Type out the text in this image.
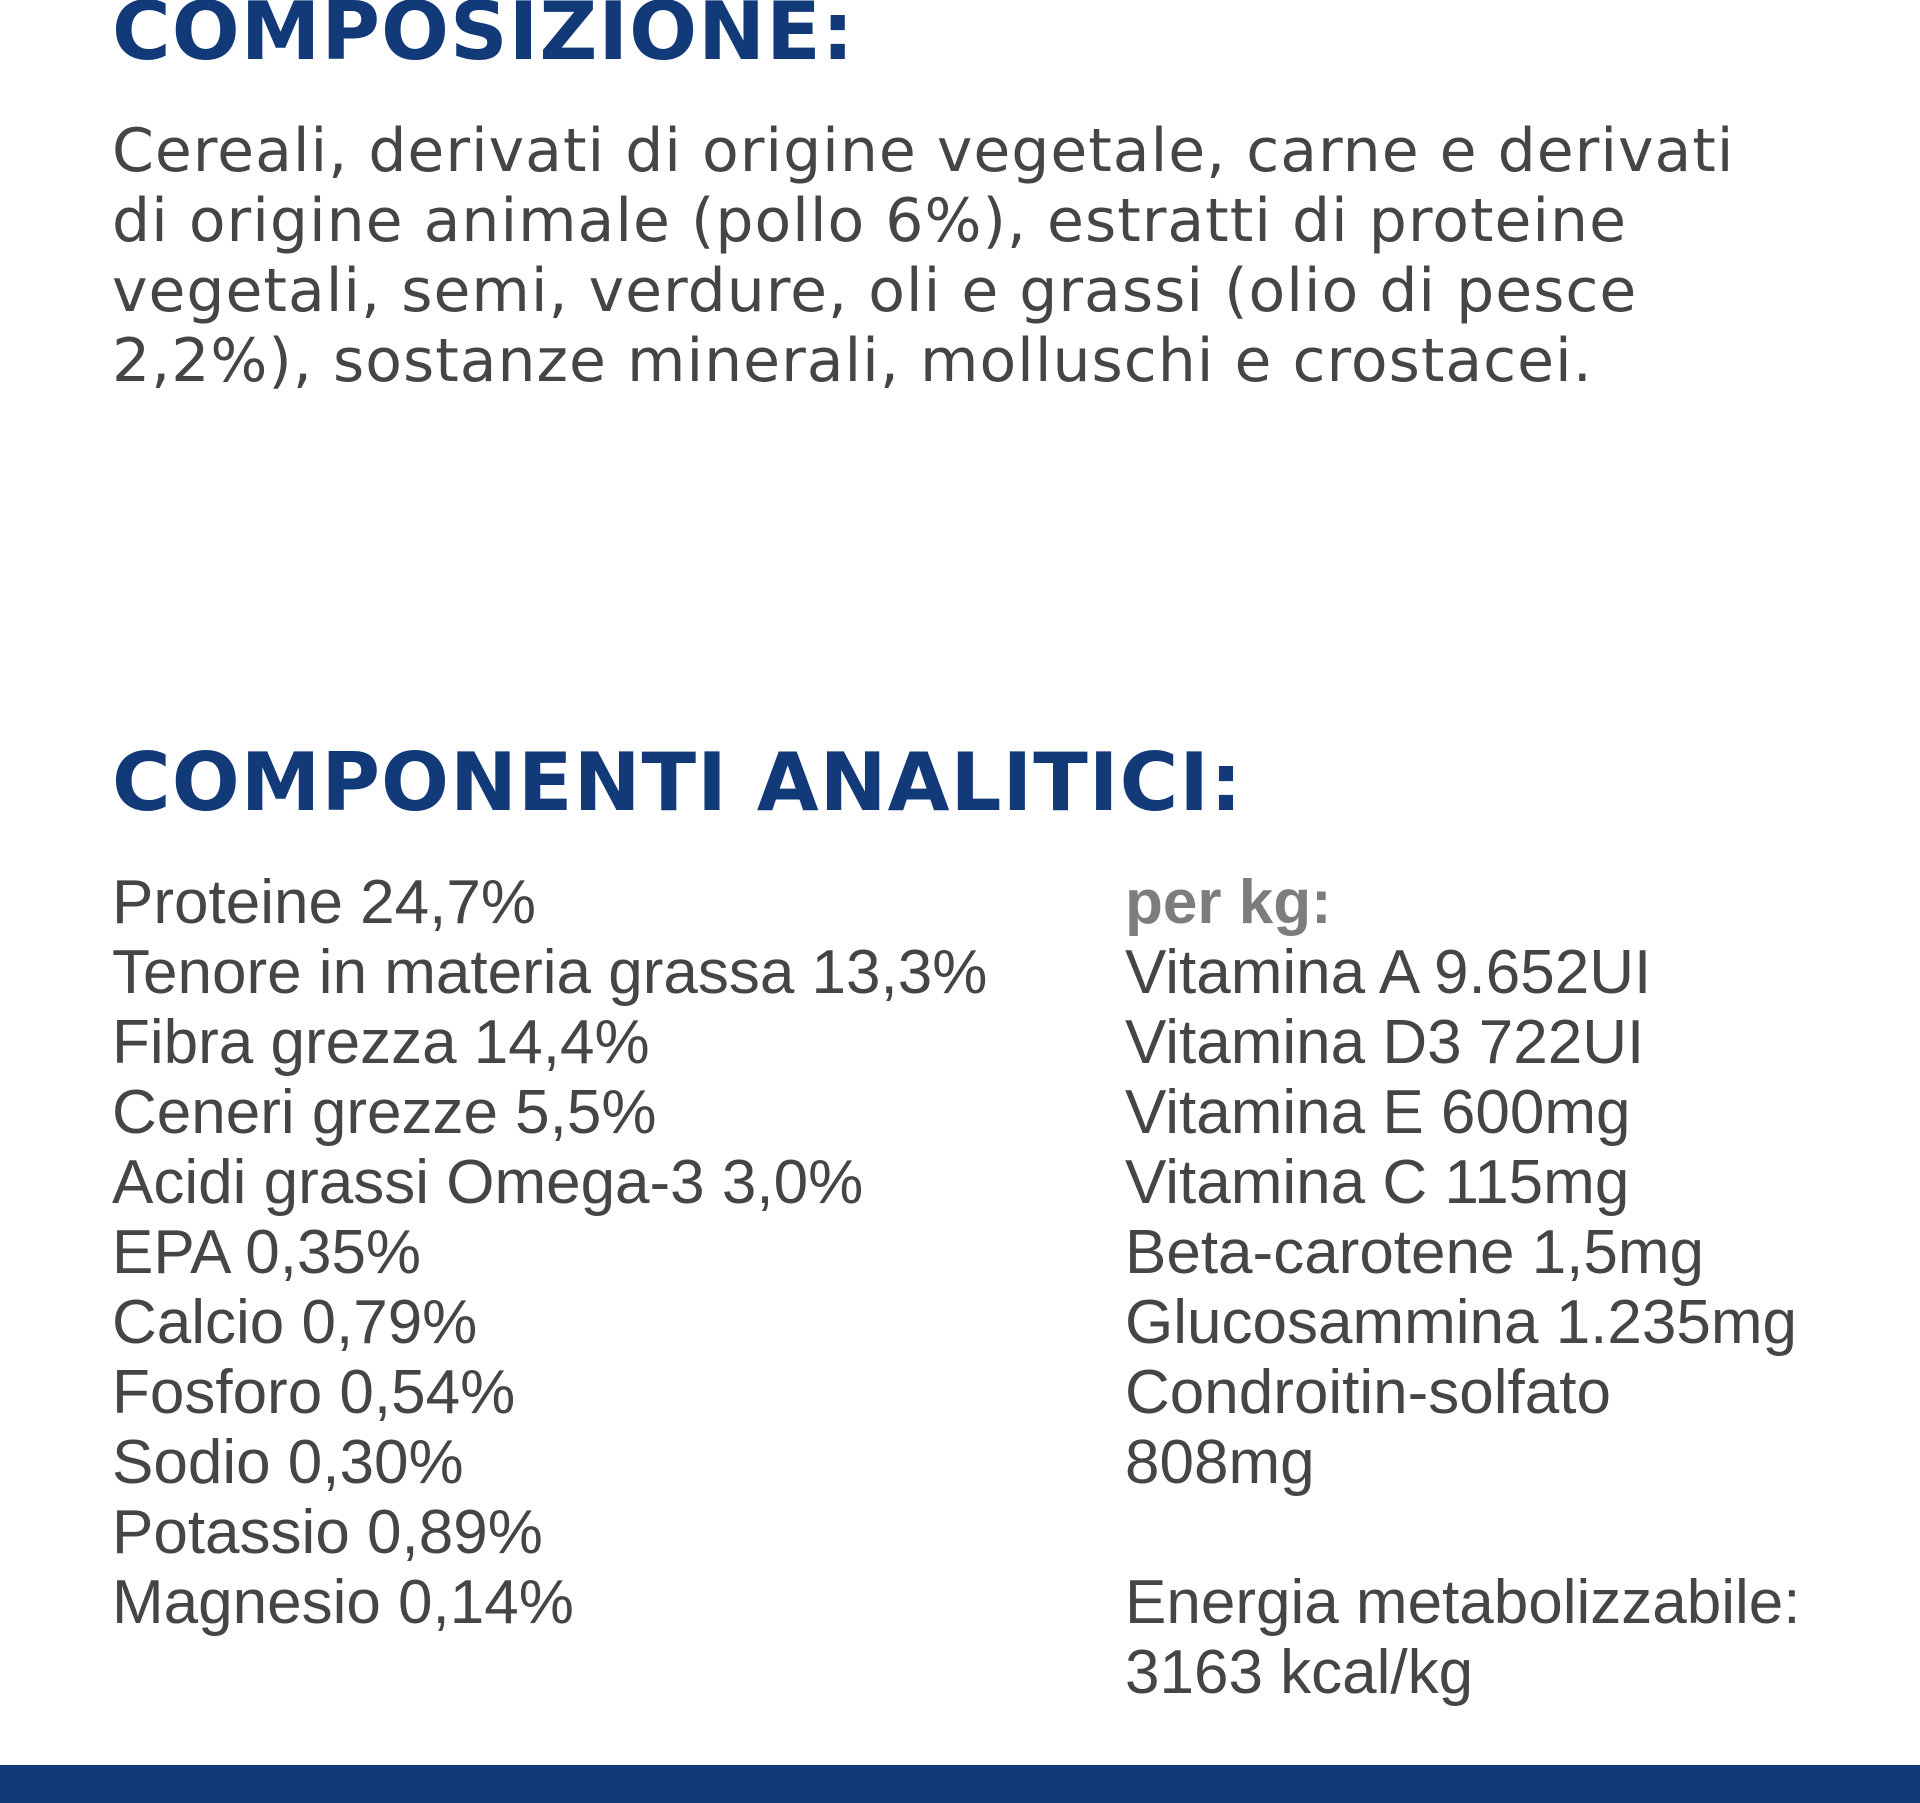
COMPOSIZIONE:

Cereali, derivati di origine vegetale, carne e derivati
di origine animale (pollo 6%), estratti di proteine
vegetali, semi, verdure, oli e grassi (olio di pesce
2,2%), sostanze minerali, molluschi e crostacei.

COMPONENTI ANALITICI:
Proteine 24,7%
Tenore in materia grassa 13,3%
Fibra grezza 14,4%
Ceneri grezze 5,5%
Acidi grassi Omega-3 3,0%
EPA 0,35%
Calcio 0,79%
Fosforo 0,54%
Sodio 0,30%
Potassio 0,89%
Magnesio 0,14%
per kg:
Vitamina A 9.652UI
Vitamina D3 722UI
Vitamina E 600mg
Vitamina C 115mg
Beta-carotene 1,5mg
Glucosammina 1.235mg
Condroitin-solfato
808mg
Energia metabolizzabile:
3163 kcal/kg
